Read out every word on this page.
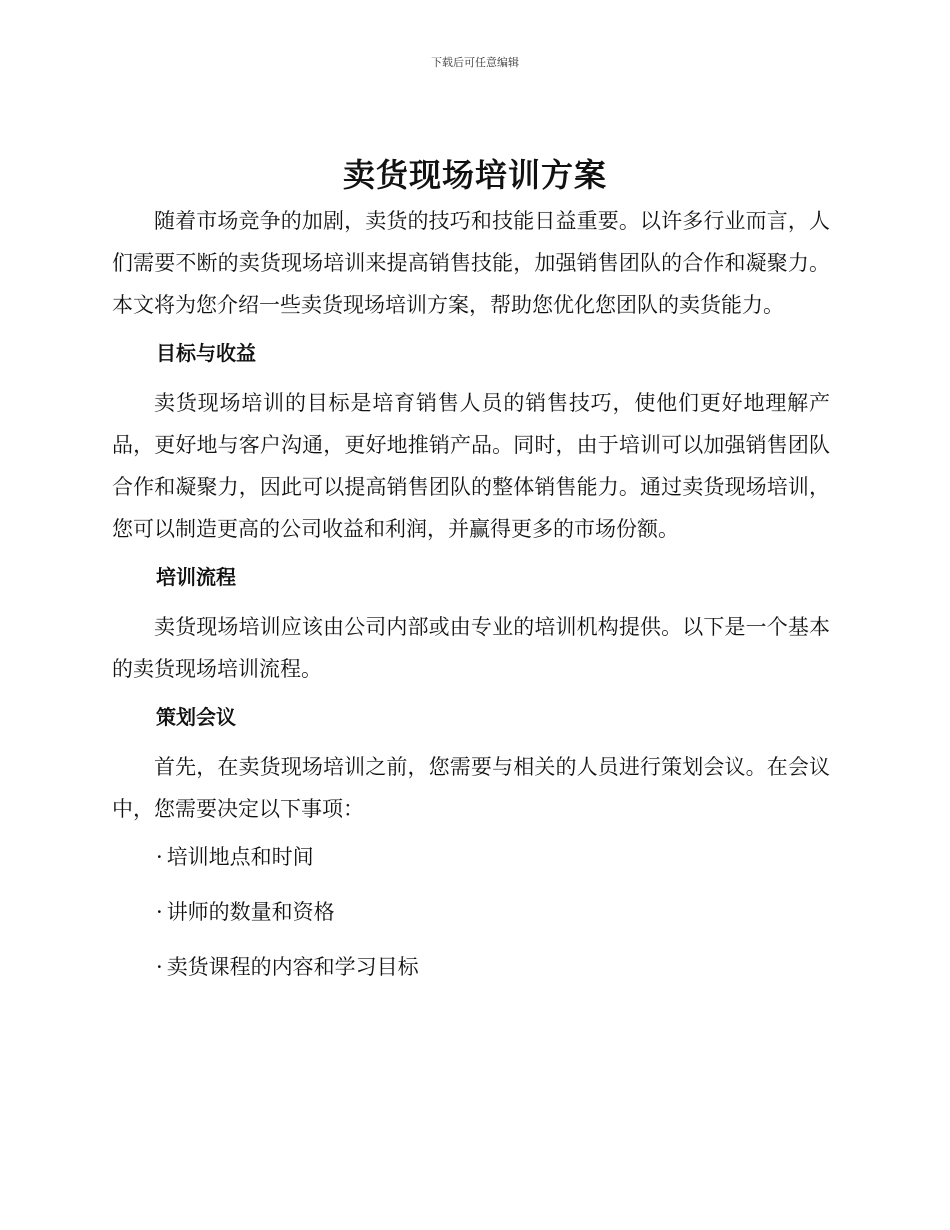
下载后可任意编辑
卖货现场培训方案

随着市场竞争的加剧，卖货的技巧和技能日益重要。以许多行业而言，人们需要不断的卖货现场培训来提高销售技能，加强销售团队的合作和凝聚力。本文将为您介绍一些卖货现场培训方案，帮助您优化您团队的卖货能力。

目标与收益

卖货现场培训的目标是培育销售人员的销售技巧，使他们更好地理解产品，更好地与客户沟通，更好地推销产品。同时，由于培训可以加强销售团队合作和凝聚力，因此可以提高销售团队的整体销售能力。通过卖货现场培训，您可以制造更高的公司收益和利润，并赢得更多的市场份额。

培训流程

卖货现场培训应该由公司内部或由专业的培训机构提供。以下是一个基本的卖货现场培训流程。

策划会议

首先，在卖货现场培训之前，您需要与相关的人员进行策划会议。在会议中，您需要决定以下事项：

· 培训地点和时间
· 讲师的数量和资格
· 卖货课程的内容和学习目标
